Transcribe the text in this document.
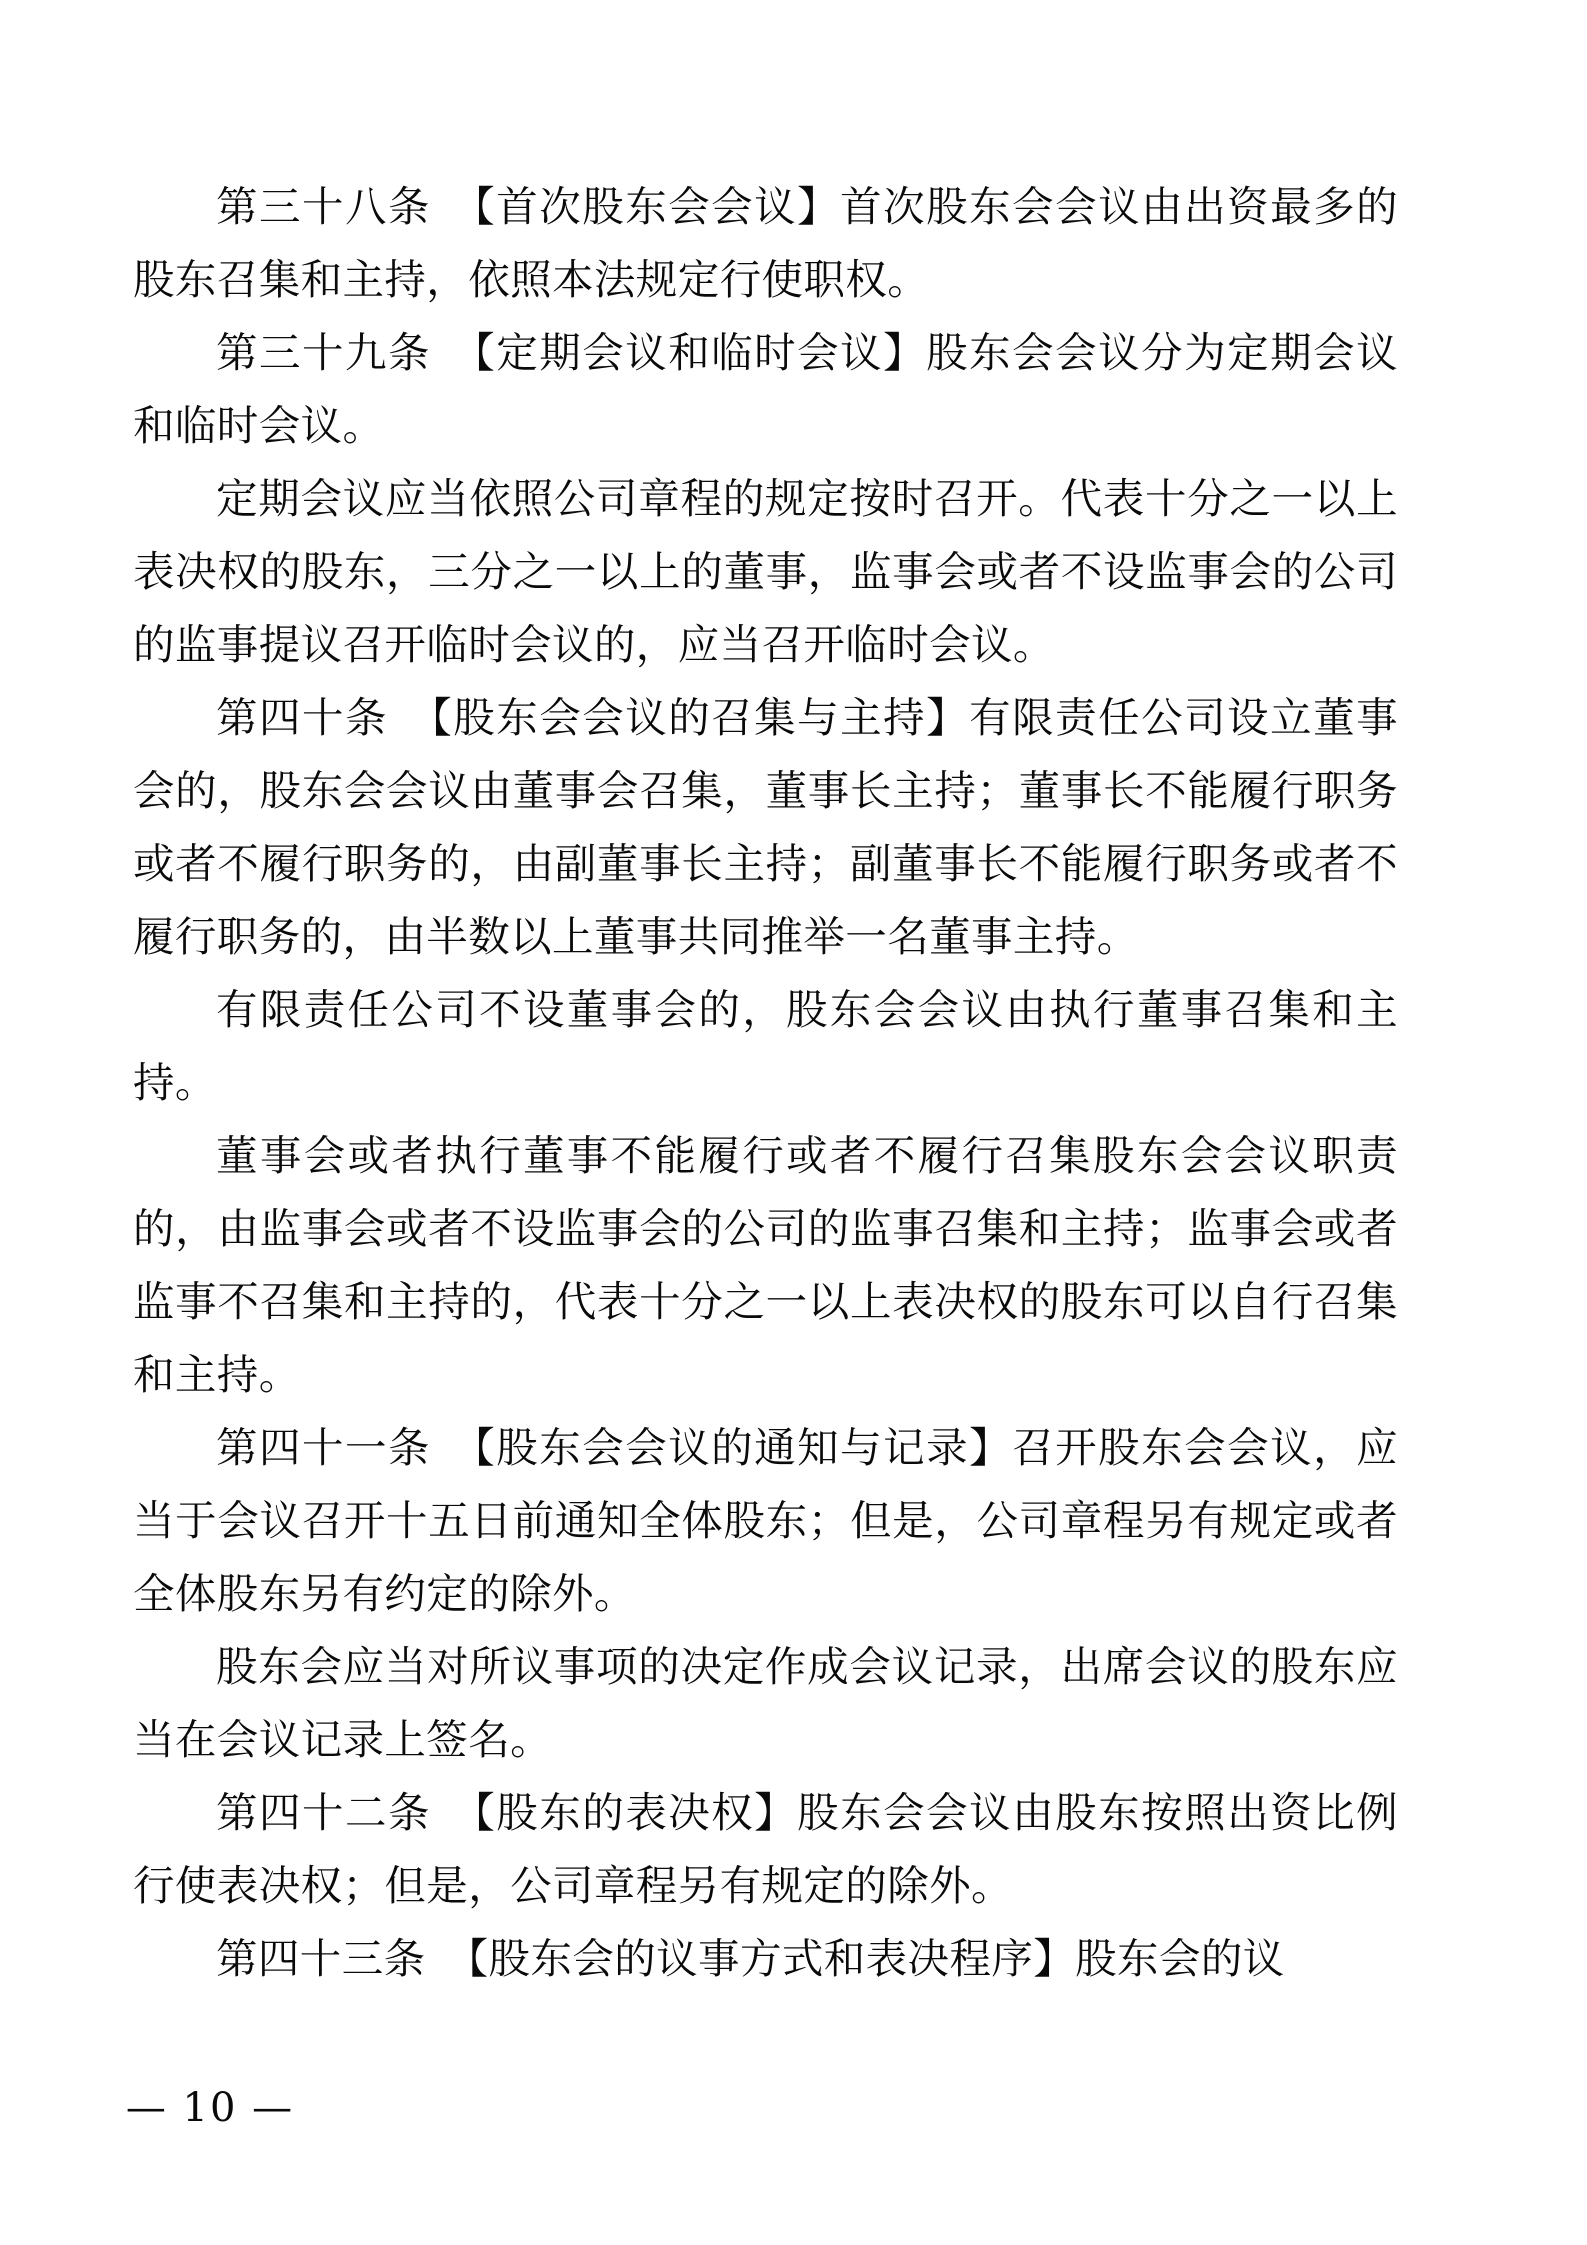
第三十八条　【首次股东会会议】首次股东会会议由出资最多的股东召集和主持，依照本法规定行使职权。

第三十九条　【定期会议和临时会议】股东会会议分为定期会议和临时会议。

定期会议应当依照公司章程的规定按时召开。代表十分之一以上表决权的股东，三分之一以上的董事，监事会或者不设监事会的公司的监事提议召开临时会议的，应当召开临时会议。

第四十条　【股东会会议的召集与主持】有限责任公司设立董事会的，股东会会议由董事会召集，董事长主持；董事长不能履行职务或者不履行职务的，由副董事长主持；副董事长不能履行职务或者不履行职务的，由半数以上董事共同推举一名董事主持。

有限责任公司不设董事会的，股东会会议由执行董事召集和主持。

董事会或者执行董事不能履行或者不履行召集股东会会议职责的，由监事会或者不设监事会的公司的监事召集和主持；监事会或者监事不召集和主持的，代表十分之一以上表决权的股东可以自行召集和主持。

第四十一条　【股东会会议的通知与记录】召开股东会会议，应当于会议召开十五日前通知全体股东；但是，公司章程另有规定或者全体股东另有约定的除外。

股东会应当对所议事项的决定作成会议记录，出席会议的股东应当在会议记录上签名。

第四十二条　【股东的表决权】股东会会议由股东按照出资比例行使表决权；但是，公司章程另有规定的除外。

第四十三条　【股东会的议事方式和表决程序】股东会的议

— 10 —
